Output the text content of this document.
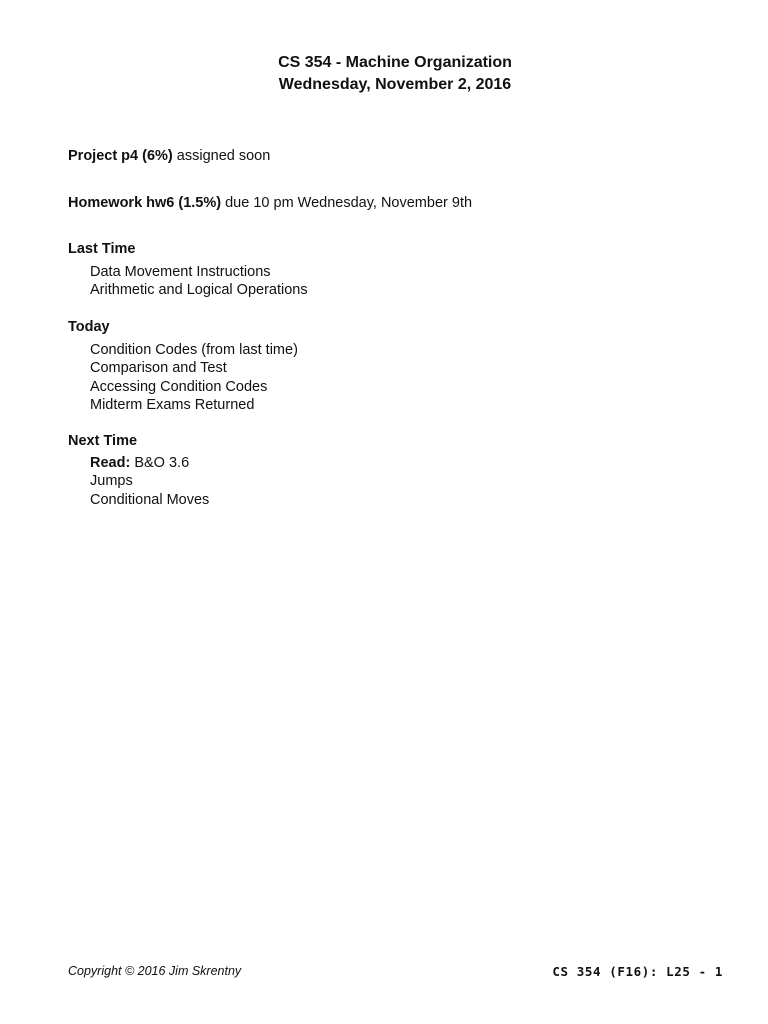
CS 354 - Machine Organization
Wednesday, November 2, 2016
Project p4 (6%) assigned soon
Homework hw6 (1.5%) due 10 pm Wednesday, November 9th
Last Time
Data Movement Instructions
Arithmetic and Logical Operations
Today
Condition Codes (from last time)
Comparison and Test
Accessing Condition Codes
Midterm Exams Returned
Next Time
Read: B&O 3.6
Jumps
Conditional Moves
Copyright © 2016 Jim Skrentny	CS 354 (F16): L25 - 1
